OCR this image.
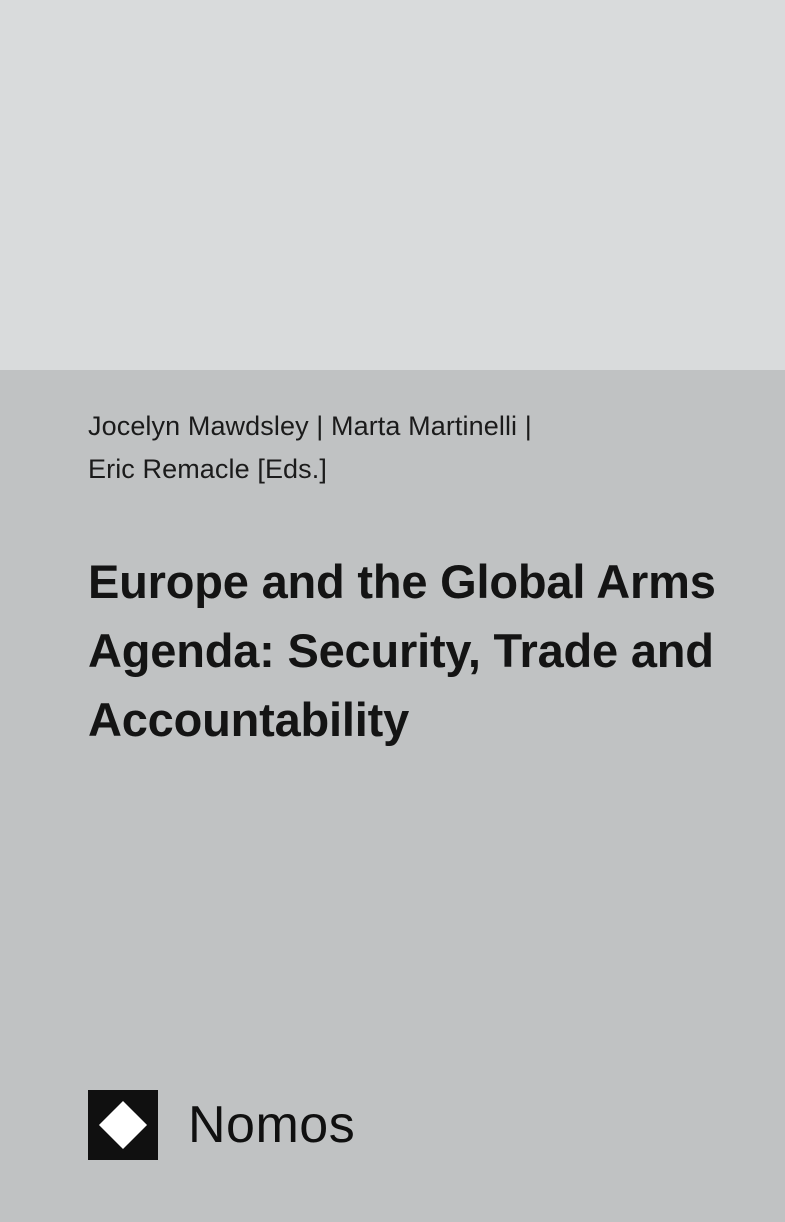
Jocelyn Mawdsley | Marta Martinelli |
Eric Remacle [Eds.]
Europe and the Global Arms Agenda: Security, Trade and Accountability
Nomos
